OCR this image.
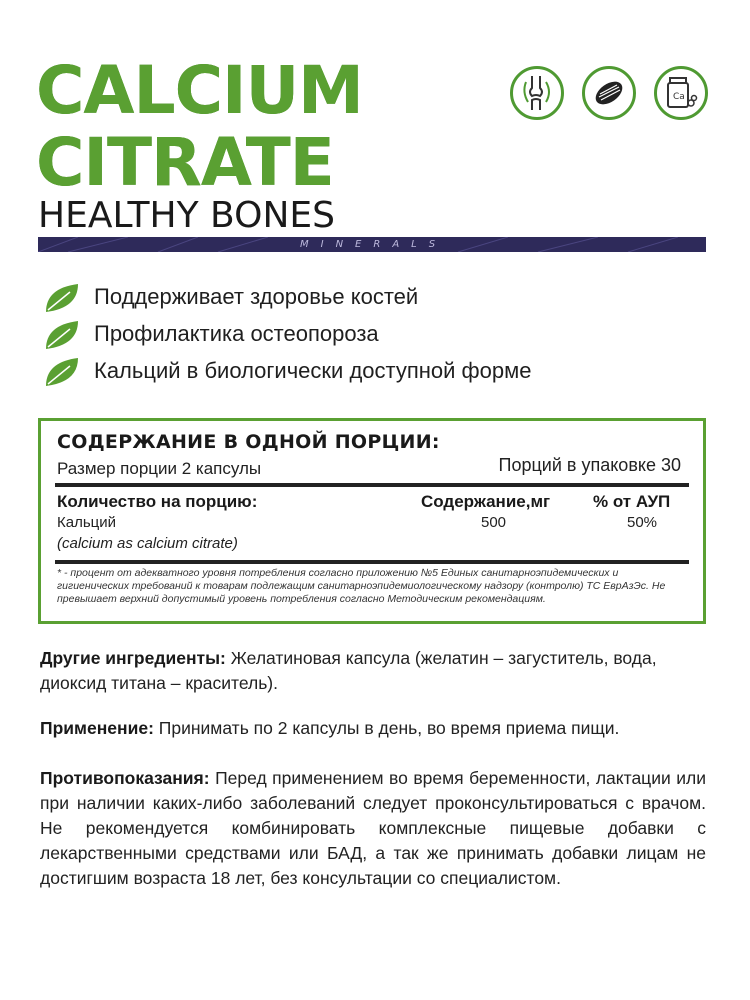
CALCIUM
CITRATE
HEALTHY BONES
MINERALS
Ca
Поддерживает здоровье костей
Профилактика остеопороза
Кальций в биологически доступной форме
СОДЕРЖАНИЕ В ОДНОЙ ПОРЦИИ:
Размер порции 2 капсулы	Порций в упаковке 30
Количество на порцию:	Содержание,мг	% от АУП
Кальций	500	50%
(calcium as calcium citrate)
* - процент от адекватного уровня потребления согласно приложению №5 Единых санитарноэпидемических и гигиенических требований к товарам подлежащим санитарноэпидемиологическому надзору (контролю) ТС ЕврАзЭс. Не превышает верхний допустимый уровень потребления согласно Методическим рекомендациям.

Другие ингредиенты: Желатиновая капсула (желатин – загуститель, вода, диоксид титана – краситель).

Применение: Принимать по 2 капсулы в день, во время приема пищи.

Противопоказания: Перед применением во время беременности, лактации или при наличии каких-либо заболеваний следует проконсультироваться с врачом. Не рекомендуется комбинировать комплексные пищевые добавки с лекарственными средствами или БАД, а так же принимать добавки лицам не достигшим возраста 18 лет, без консультации со специалистом.
